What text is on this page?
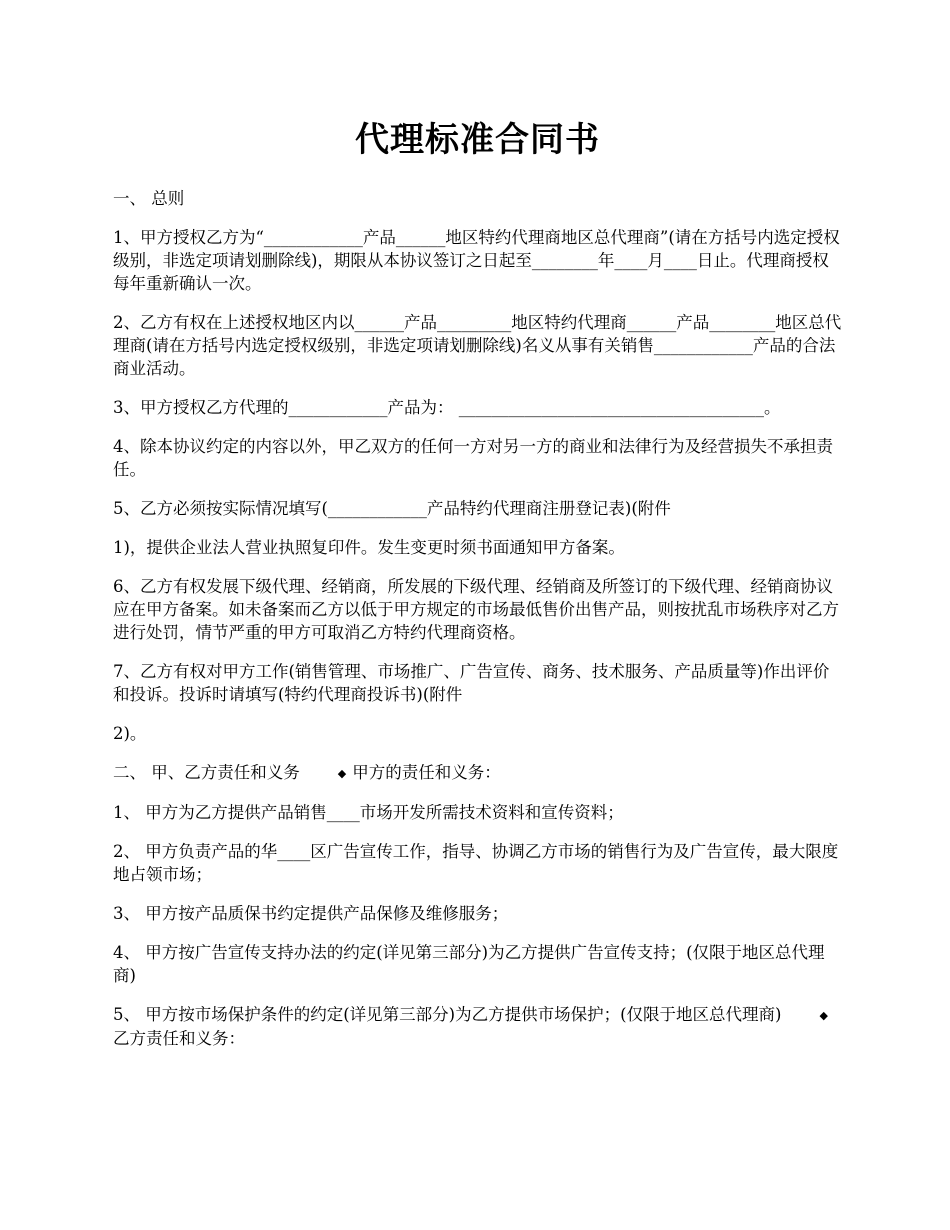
代理标准合同书
一、 总则
1、甲方授权乙方为“____________产品______地区特约代理商地区总代理商”(请在方括号内选定授权级别，非选定项请划删除线)，期限从本协议签订之日起至________年____月____日止。代理商授权每年重新确认一次。
2、乙方有权在上述授权地区内以______产品_________地区特约代理商______产品________地区总代理商(请在方括号内选定授权级别，非选定项请划删除线)名义从事有关销售____________产品的合法商业活动。
3、甲方授权乙方代理的____________产品为： _____________________________________。
4、除本协议约定的内容以外，甲乙双方的任何一方对另一方的商业和法律行为及经营损失不承担责任。
5、乙方必须按实际情况填写(____________产品特约代理商注册登记表)(附件
1)，提供企业法人营业执照复印件。发生变更时须书面通知甲方备案。
6、乙方有权发展下级代理、经销商，所发展的下级代理、经销商及所签订的下级代理、经销商协议应在甲方备案。如未备案而乙方以低于甲方规定的市场最低售价出售产品，则按扰乱市场秩序对乙方进行处罚，情节严重的甲方可取消乙方特约代理商资格。
7、乙方有权对甲方工作(销售管理、市场推广、广告宣传、商务、技术服务、产品质量等)作出评价和投诉。投诉时请填写(特约代理商投诉书)(附件
2)。
二、 甲、乙方责任和义务	◆ 甲方的责任和义务：
1、 甲方为乙方提供产品销售____市场开发所需技术资料和宣传资料；
2、 甲方负责产品的华____区广告宣传工作，指导、协调乙方市场的销售行为及广告宣传，最大限度地占领市场；
3、 甲方按产品质保书约定提供产品保修及维修服务；
4、 甲方按广告宣传支持办法的约定(详见第三部分)为乙方提供广告宣传支持；(仅限于地区总代理商)
5、 甲方按市场保护条件的约定(详见第三部分)为乙方提供市场保护；(仅限于地区总代理商)	◆乙方责任和义务：
